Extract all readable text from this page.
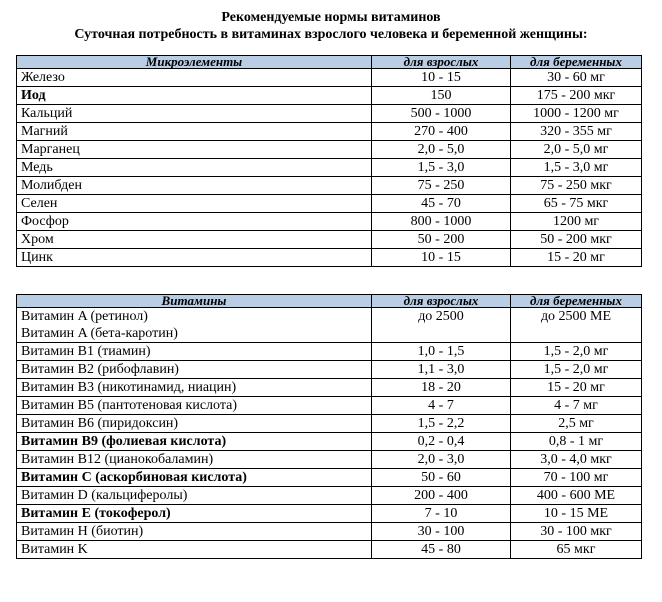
Рекомендуемые нормы витаминов
Суточная потребность в витаминах взрослого человека и беременной женщины:
Микроэлементы	для взрослых	для беременных
Железо	10 - 15	30 - 60 мг
Иод	150	175 - 200 мкг
Кальций	500 - 1000	1000 - 1200 мг
Магний	270 - 400	320 - 355 мг
Марганец	2,0 - 5,0	2,0 - 5,0 мг
Медь	1,5 - 3,0	1,5 - 3,0 мг
Молибден	75 - 250	75 - 250 мкг
Селен	45 - 70	65 - 75 мкг
Фосфор	800 - 1000	1200 мг
Хром	50 - 200	50 - 200 мкг
Цинк	10 - 15	15 - 20 мг
Витамины	для взрослых	для беременных

Витамин A (ретинол)
Витамин A (бета-каротин)	до 2500	до 2500 МЕ
Витамин B1 (тиамин)	1,0 - 1,5	1,5 - 2,0 мг
Витамин B2 (рибофлавин)	1,1 - 3,0	1,5 - 2,0 мг
Витамин B3 (никотинамид, ниацин)	18 - 20	15 - 20 мг
Витамин B5 (пантотеновая кислота)	4 - 7	4 - 7 мг
Витамин B6 (пиридоксин)	1,5 - 2,2	2,5 мг
Витамин B9 (фолиевая кислота)	0,2 - 0,4	0,8 - 1 мг
Витамин B12 (цианокобаламин)	2,0 - 3,0	3,0 - 4,0 мкг
Витамин C (аскорбиновая кислота)	50 - 60	70 - 100 мг
Витамин D (кальциферолы)	200 - 400	400 - 600 МЕ
Витамин E (токоферол)	7 - 10	10 - 15 МЕ
Витамин H (биотин)	30 - 100	30 - 100 мкг
Витамин K	45 - 80	65 мкг
